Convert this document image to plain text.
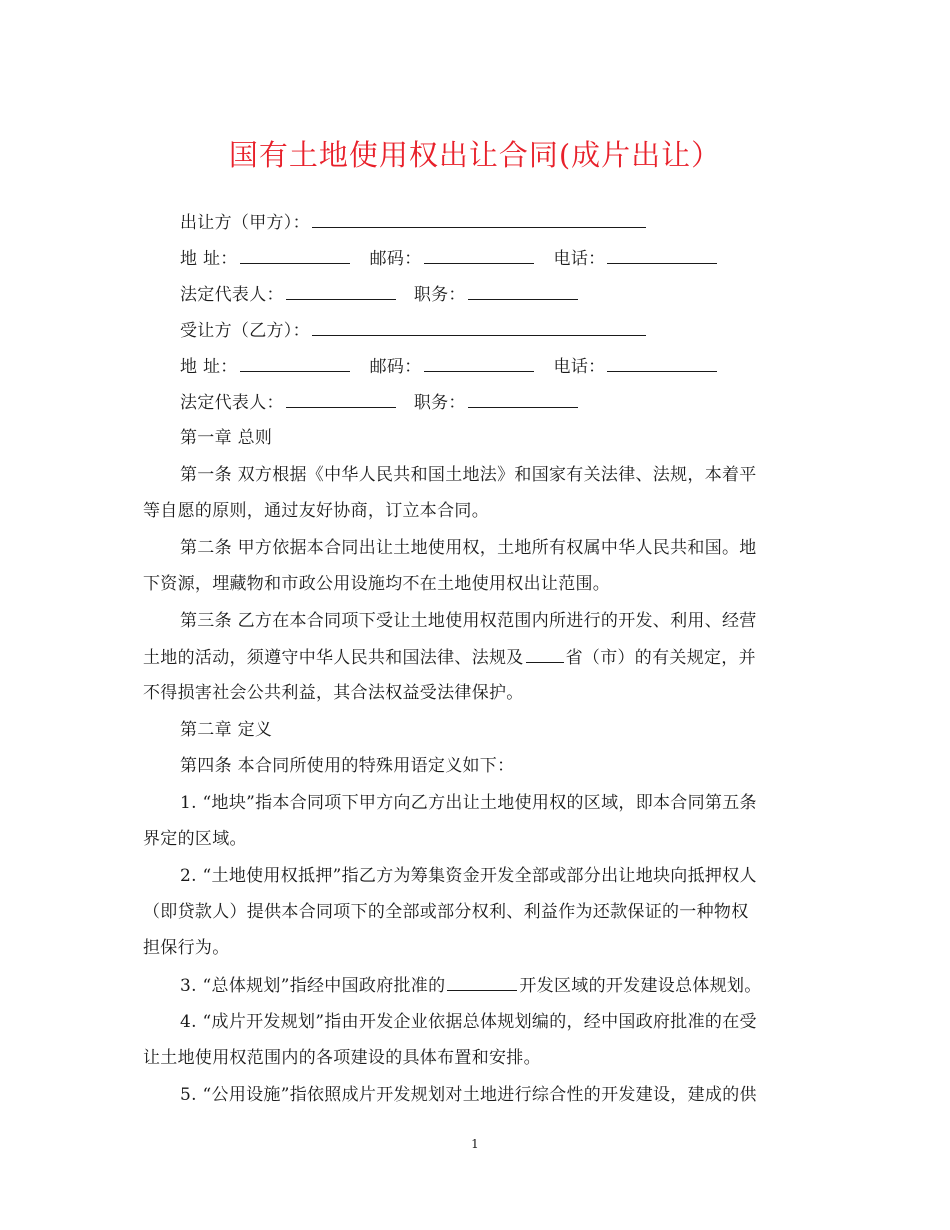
国有土地使用权出让合同(成片出让）
出让方（甲方）：
地 址：	邮码：	电话：
法定代表人：	职务：
受让方（乙方）：
地 址：	邮码：	电话：
法定代表人：	职务：
第一章 总则
第一条 双方根据《中华人民共和国土地法》和国家有关法律、法规，本着平
等自愿的原则，通过友好协商，订立本合同。
第二条 甲方依据本合同出让土地使用权，土地所有权属中华人民共和国。地
下资源，埋藏物和市政公用设施均不在土地使用权出让范围。
第三条 乙方在本合同项下受让土地使用权范围内所进行的开发、利用、经营
土地的活动，须遵守中华人民共和国法律、法规及 省（市）的有关规定，并
不得损害社会公共利益，其合法权益受法律保护。
第二章 定义
第四条 本合同所使用的特殊用语定义如下：
1. “地块”指本合同项下甲方向乙方出让土地使用权的区域，即本合同第五条
界定的区域。
2. “土地使用权抵押”指乙方为筹集资金开发全部或部分出让地块向抵押权人
（即贷款人）提供本合同项下的全部或部分权利、利益作为还款保证的一种物权
担保行为。
3. “总体规划”指经中国政府批准的	开发区域的开发建设总体规划。
4. “成片开发规划”指由开发企业依据总体规划编的，经中国政府批准的在受
让土地使用权范围内的各项建设的具体布置和安排。
5. “公用设施”指依照成片开发规划对土地进行综合性的开发建设，建成的供
1
